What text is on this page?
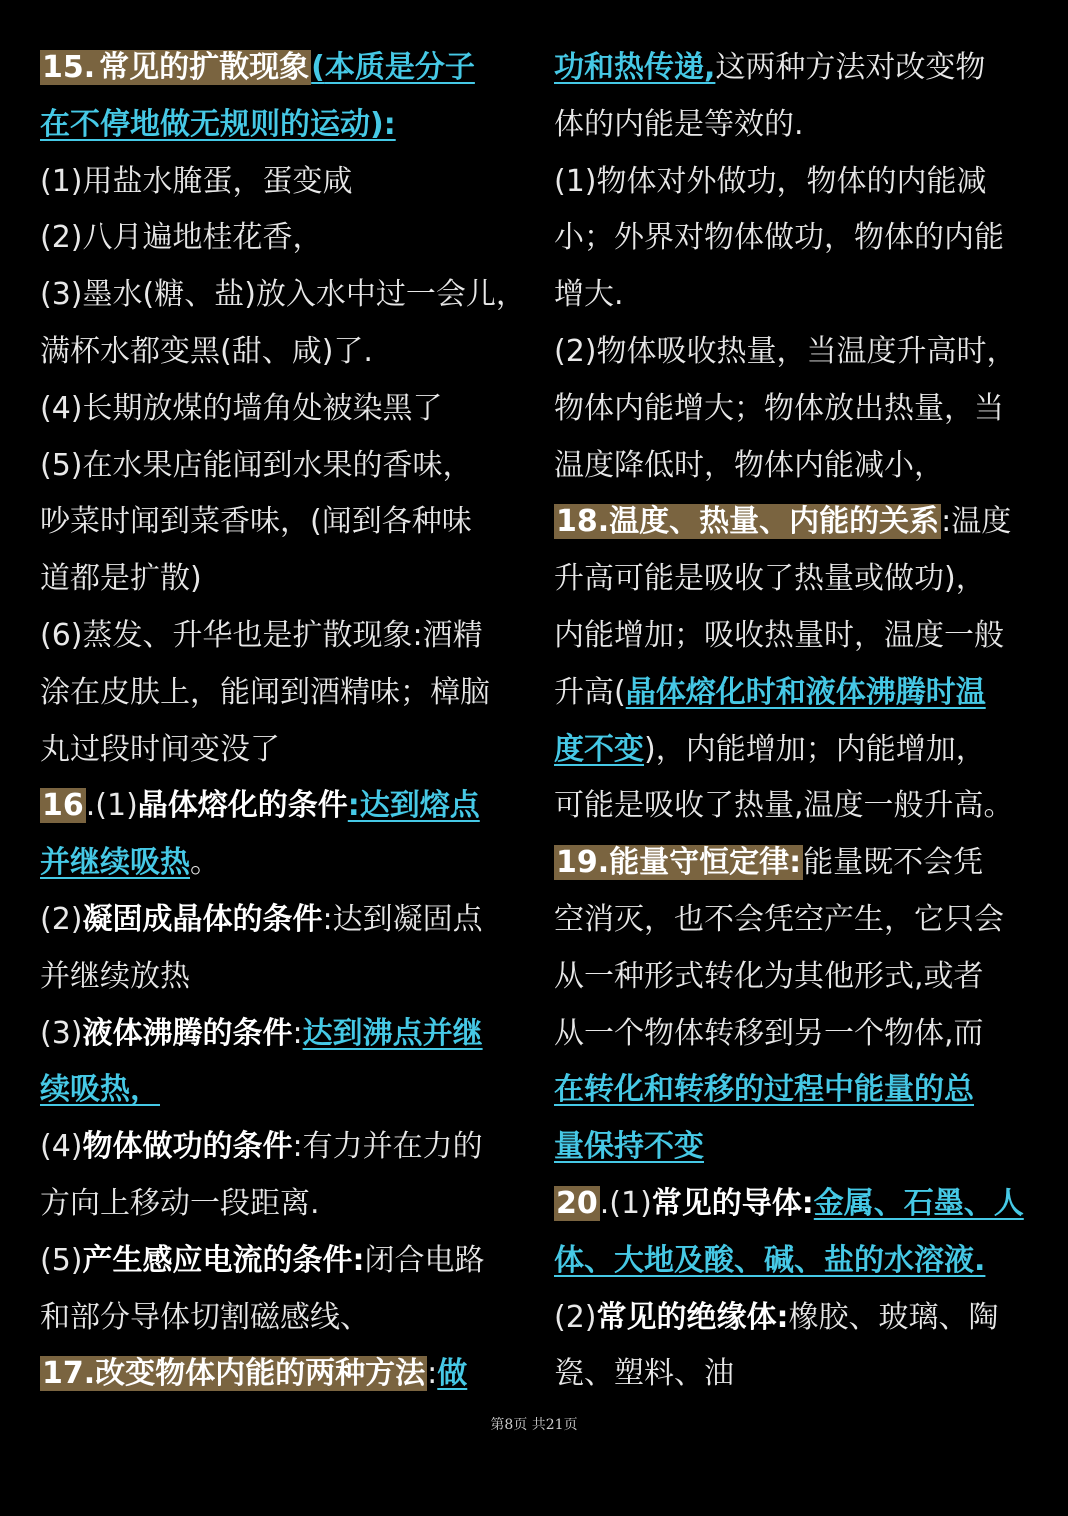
15. 常见的扩散现象(本质是分子
在不停地做无规则的运动):
(1)用盐水腌蛋，蛋变咸
(2)八月遍地桂花香，
(3)墨水(糖、盐)放入水中过一会儿，
满杯水都变黑(甜、咸)了.
(4)长期放煤的墙角处被染黑了
(5)在水果店能闻到水果的香味，
吵菜时闻到菜香味，(闻到各种味
道都是扩散)
(6)蒸发、升华也是扩散现象:酒精
涂在皮肤上，能闻到酒精味；樟脑
丸过段时间变没了
16.(1)晶体熔化的条件:达到熔点
并继续吸热。
(2)凝固成晶体的条件:达到凝固点
并继续放热
(3)液体沸腾的条件:达到沸点并继
续吸热，
(4)物体做功的条件:有力并在力的
方向上移动一段距离.
(5)产生感应电流的条件:闭合电路
和部分导体切割磁感线、
17.改变物体内能的两种方法:做
功和热传递,这两种方法对改变物
体的内能是等效的.
(1)物体对外做功，物体的内能减
小；外界对物体做功，物体的内能
增大.
(2)物体吸收热量，当温度升高时，
物体内能增大；物体放出热量，当
温度降低时，物体内能减小，
18.温度、热量、内能的关系:温度
升高可能是吸收了热量或做功)，
内能增加；吸收热量时，温度一般
升高(晶体熔化时和液体沸腾时温
度不变)，内能增加；内能增加，
可能是吸收了热量,温度一般升高。
19.能量守恒定律:能量既不会凭
空消灭，也不会凭空产生，它只会
从一种形式转化为其他形式,或者
从一个物体转移到另一个物体,而
在转化和转移的过程中能量的总
量保持不变
20.(1)常见的导体:金属、石墨、人
体、大地及酸、碱、盐的水溶液.
(2)常见的绝缘体:橡胶、玻璃、陶
瓷、塑料、油
第8页 共21页
